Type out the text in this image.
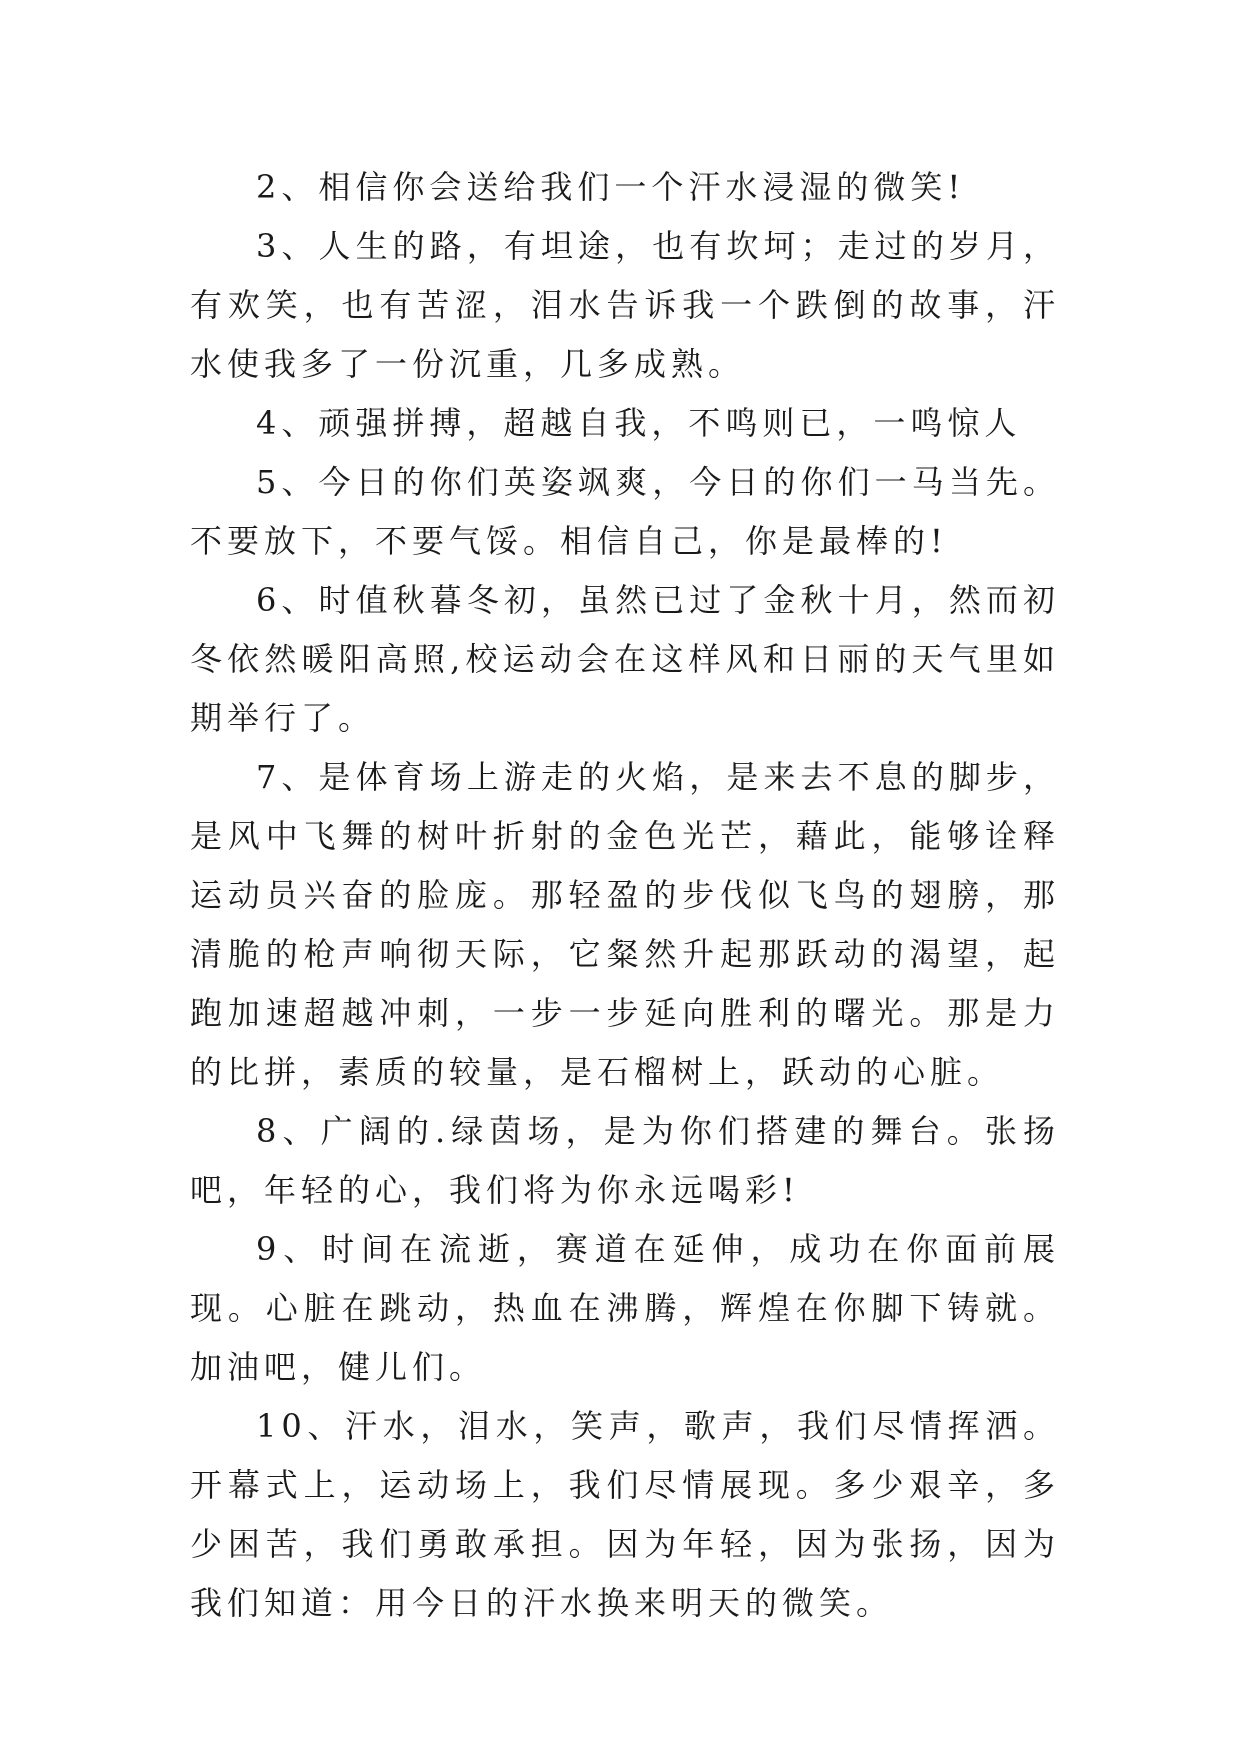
2、相信你会送给我们一个汗水浸湿的微笑!

3、人生的路，有坦途，也有坎坷；走过的岁月，有欢笑，也有苦涩，泪水告诉我一个跌倒的故事，汗水使我多了一份沉重，几多成熟。

4、顽强拼搏，超越自我，不鸣则已，一鸣惊人

5、今日的你们英姿飒爽，今日的你们一马当先。不要放下，不要气馁。相信自己，你是最棒的!

6、时值秋暮冬初，虽然已过了金秋十月，然而初冬依然暖阳高照,校运动会在这样风和日丽的天气里如期举行了。

7、是体育场上游走的火焰，是来去不息的脚步，是风中飞舞的树叶折射的金色光芒，藉此，能够诠释运动员兴奋的脸庞。那轻盈的步伐似飞鸟的翅膀，那清脆的枪声响彻天际，它粲然升起那跃动的渴望，起跑加速超越冲刺，一步一步延向胜利的曙光。那是力的比拼，素质的较量，是石榴树上，跃动的心脏。

8、广阔的.绿茵场，是为你们搭建的舞台。张扬吧，年轻的心，我们将为你永远喝彩!

9、时间在流逝，赛道在延伸，成功在你面前展现。心脏在跳动，热血在沸腾，辉煌在你脚下铸就。加油吧，健儿们。

10、汗水，泪水，笑声，歌声，我们尽情挥洒。开幕式上，运动场上，我们尽情展现。多少艰辛，多少困苦，我们勇敢承担。因为年轻，因为张扬，因为我们知道：用今日的汗水换来明天的微笑。
